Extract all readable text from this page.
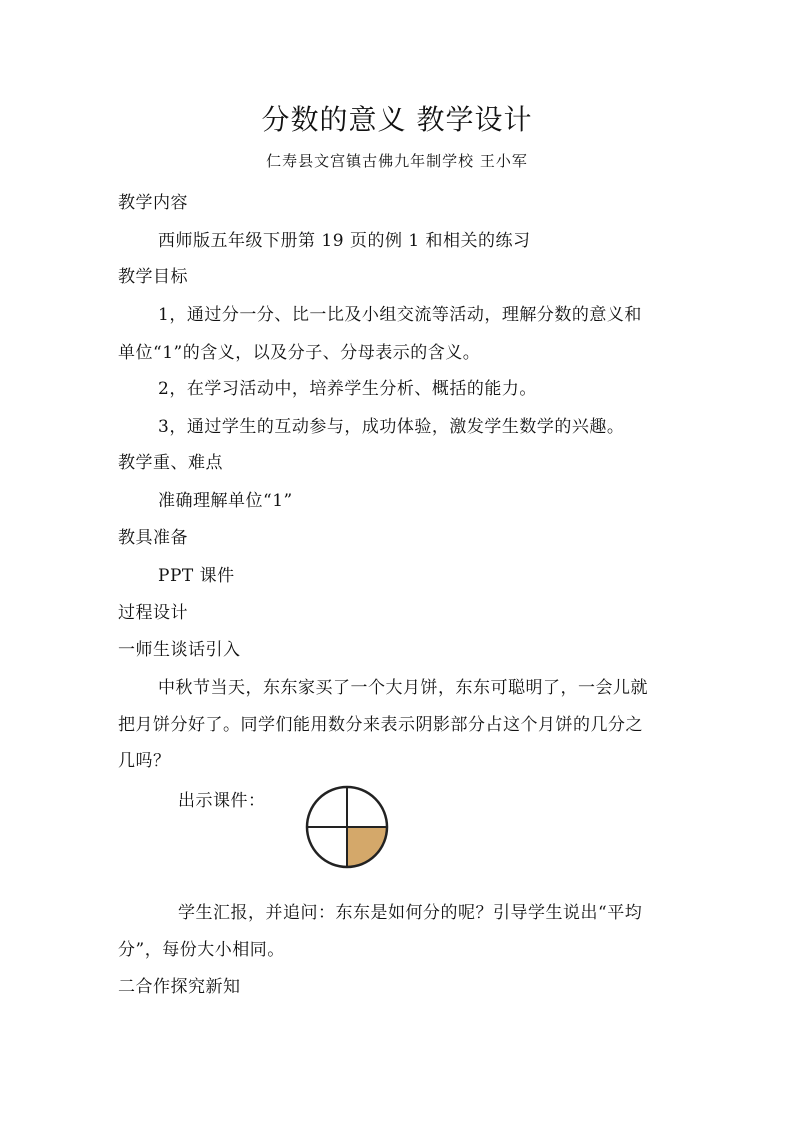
分数的意义 教学设计
仁寿县文宫镇古佛九年制学校 王小军
教学内容
西师版五年级下册第 19 页的例 1 和相关的练习
教学目标
1，通过分一分、比一比及小组交流等活动，理解分数的意义和
单位“1”的含义，以及分子、分母表示的含义。
2，在学习活动中，培养学生分析、概括的能力。
3，通过学生的互动参与，成功体验，激发学生数学的兴趣。
教学重、难点
准确理解单位“1”
教具准备
PPT 课件
过程设计
一师生谈话引入
中秋节当天，东东家买了一个大月饼，东东可聪明了，一会儿就
把月饼分好了。同学们能用数分来表示阴影部分占这个月饼的几分之
几吗？
出示课件：
学生汇报，并追问：东东是如何分的呢？引导学生说出“平均
分”，每份大小相同。
二合作探究新知
